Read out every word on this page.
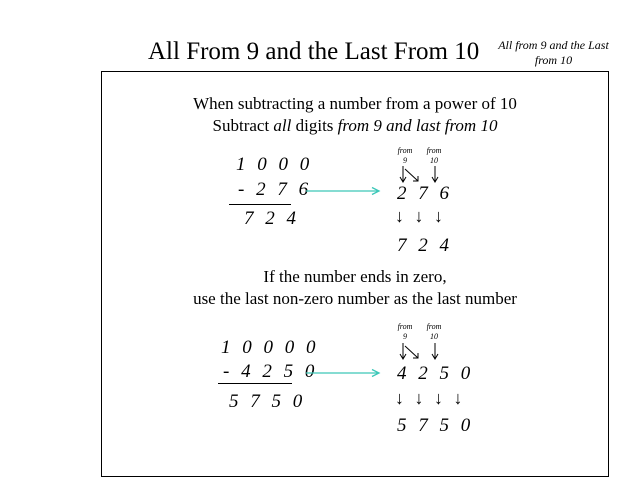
All From 9 and the Last From 10 All from 9 and the Last from 10
When subtracting a number from a power of 10
Subtract all digits from 9 and last from 10
1 0 0 0
- 2 7 6
7 2 4
from
9
from
10
2 7 6
↓ ↓ ↓
7 2 4
If the number ends in zero,
use the last non-zero number as the last number
1 0 0 0 0
- 4 2 5 0
5 7 5 0
from
9
from
10
4 2 5 0
↓ ↓ ↓ ↓
5 7 5 0
